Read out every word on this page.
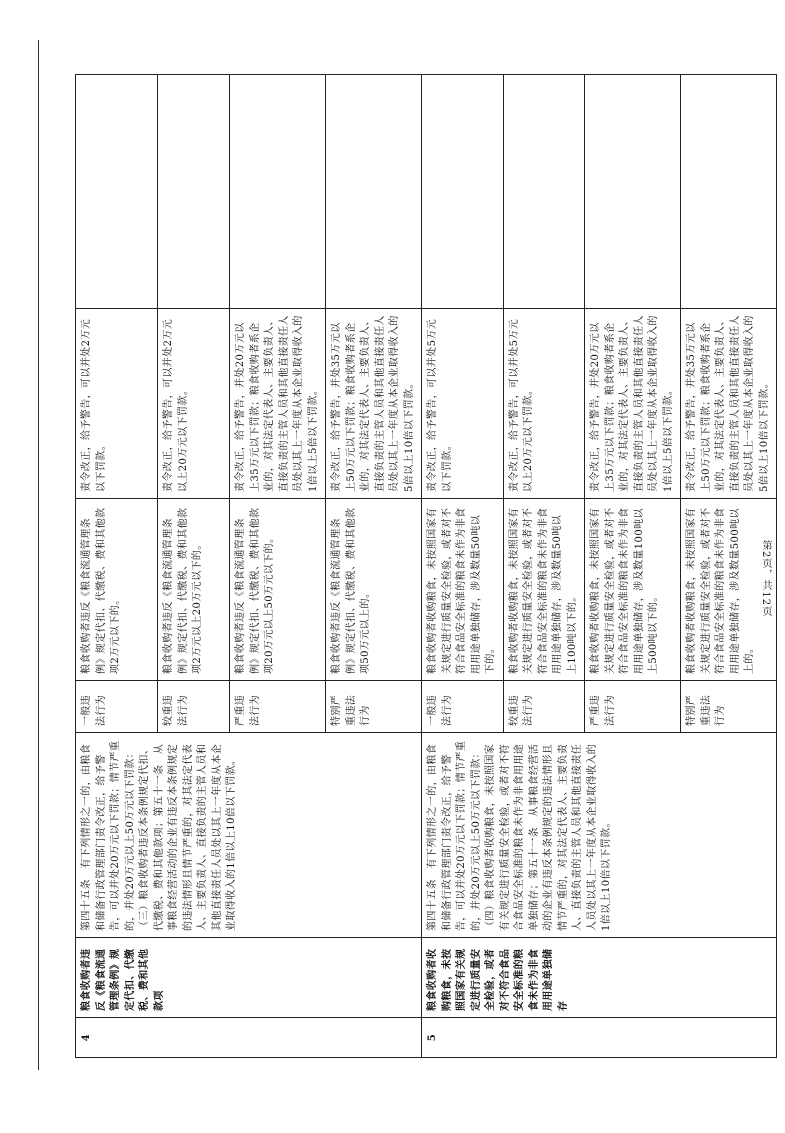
4	粮食收购者违反《粮食流通管理条例》规定代扣、代缴税、费和其他款项	第四十五条　有下列情形之一的，由粮食和储备行政管理部门责令改正，给予警告，可以并处20万元以下罚款；情节严重的，并处20万元以上50万元以下罚款：（三）粮食收购者违反本条例规定代扣、代缴税、费和其他款项；第五十一条　从事粮食经营活动的企业有违反本条例规定的违法情形且情节严重的，对其法定代表人、主要负责人、直接负责的主管人员和其他直接责任人员处以其上一年度从本企业取得收入的1倍以上10倍以下罚款。	一般违法行为	粮食收购者违反《粮食流通管理条例》规定代扣、代缴税、费和其他款项2万元以下的。	责令改正，给予警告，可以并处2万元以下罚款。	
			较重违法行为	粮食收购者违反《粮食流通管理条例》规定代扣、代缴税、费和其他款项2万元以上20万元以下的。	责令改正，给予警告，可以并处2万元以上20万元以下罚款。	
			严重违法行为	粮食收购者违反《粮食流通管理条例》规定代扣、代缴税、费和其他款项20万元以上50万元以下的。	责令改正，给予警告，并处20万元以上35万元以下罚款；粮食收购者系企业的，对其法定代表人、主要负责人、直接负责的主管人员和其他直接责任人员处以其上一年度从本企业取得收入的1倍以上5倍以下罚款。	
			特别严重违法行为	粮食收购者违反《粮食流通管理条例》规定代扣、代缴税、费和其他款项50万元以上的。	责令改正，给予警告，并处35万元以上50万元以下罚款；粮食收购者系企业的，对其法定代表人、主要负责人、直接负责的主管人员和其他直接责任人员处以其上一年度从本企业取得收入的5倍以上10倍以下罚款。	
5	粮食收购者收购粮食，未按照国家有关规定进行质量安全检验，或者对不符合食品安全标准的粮食未作为非食用用途单独储存	第四十五条　有下列情形之一的，由粮食和储备行政管理部门责令改正，给予警告，可以并处20万元以下罚款；情节严重的，并处20万元以上50万元以下罚款：（四）粮食收购者收购粮食，未按照国家有关规定进行质量安全检验，或者对不符合食品安全标准的粮食未作为非食用用途单独储存；第五十一条　从事粮食经营活动的企业有违反本条例规定的违法情形且情节严重的，对其法定代表人、主要负责人、直接负责的主管人员和其他直接责任人员处以其上一年度从本企业取得收入的1倍以上10倍以下罚款。	一般违法行为	粮食收购者收购粮食，未按照国家有关规定进行质量安全检验，或者对不符合食品安全标准的粮食未作为非食用用途单独储存，涉及数量50吨以下的。	责令改正，给予警告，可以并处5万元以下罚款。	
			较重违法行为	粮食收购者收购粮食，未按照国家有关规定进行质量安全检验，或者对不符合食品安全标准的粮食未作为非食用用途单独储存，涉及数量50吨以上100吨以下的。	责令改正，给予警告，可以并处5万元以上20万元以下罚款。	
			严重违法行为	粮食收购者收购粮食，未按照国家有关规定进行质量安全检验，或者对不符合食品安全标准的粮食未作为非食用用途单独储存，涉及数量100吨以上500吨以下的。	责令改正，给予警告，并处20万元以上35万元以下罚款；粮食收购者系企业的，对其法定代表人、主要负责人、直接负责的主管人员和其他直接责任人员处以其上一年度从本企业取得收入的1倍以上5倍以下罚款。	
			特别严重违法行为	粮食收购者收购粮食，未按照国家有关规定进行质量安全检验，或者对不符合食品安全标准的粮食未作为非食用用途单独储存，涉及数量500吨以上的。	责令改正，给予警告，并处35万元以上50万元以下罚款；粮食收购者系企业的，对其法定代表人、主要负责人、直接负责的主管人员和其他直接责任人员处以其上一年度从本企业取得收入的5倍以上10倍以下罚款。	
第2页，共12页
